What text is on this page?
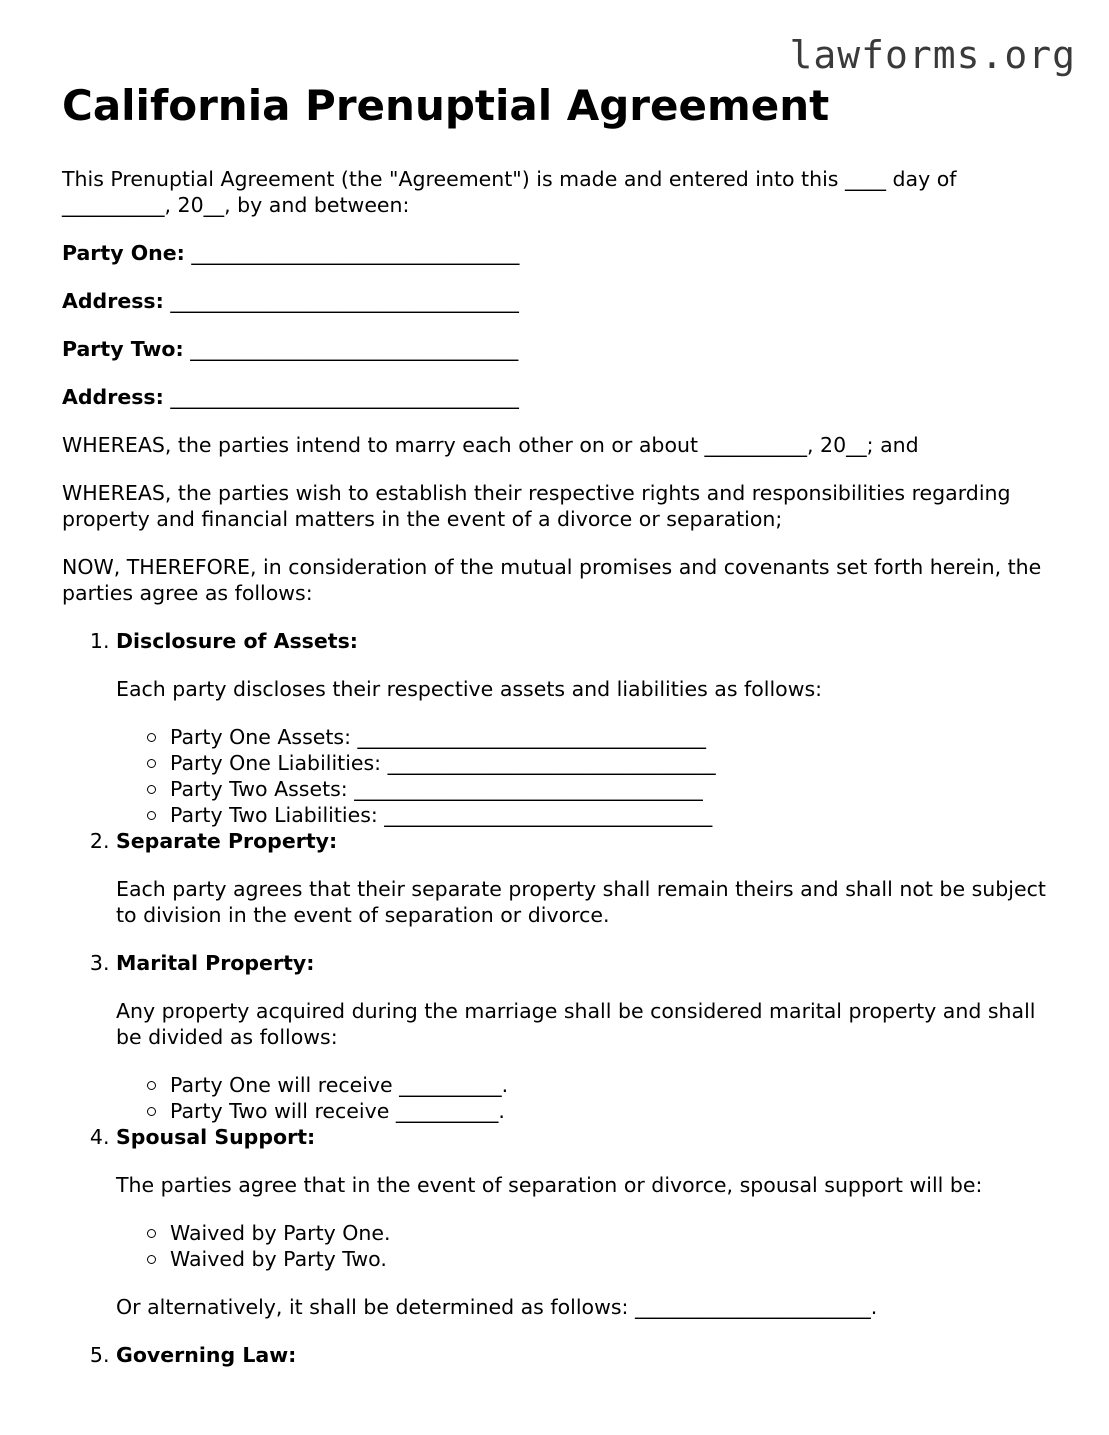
lawforms.org
California Prenuptial Agreement

This Prenuptial Agreement (the "Agreement") is made and entered into this ____ day of __________, 20__, by and between:

Party One: ________________________________
Address: __________________________________
Party Two: ________________________________
Address: __________________________________

WHEREAS, the parties intend to marry each other on or about __________, 20__; and

WHEREAS, the parties wish to establish their respective rights and responsibilities regarding property and financial matters in the event of a divorce or separation;

NOW, THEREFORE, in consideration of the mutual promises and covenants set forth herein, the parties agree as follows:

1. Disclosure of Assets:
Each party discloses their respective assets and liabilities as follows:
Party One Assets: __________________________________
Party One Liabilities: ________________________________
Party Two Assets: __________________________________
Party Two Liabilities: ________________________________
2. Separate Property:
Each party agrees that their separate property shall remain theirs and shall not be subject to division in the event of separation or divorce.
3. Marital Property:
Any property acquired during the marriage shall be considered marital property and shall be divided as follows:
Party One will receive __________.
Party Two will receive __________.
4. Spousal Support:
The parties agree that in the event of separation or divorce, spousal support will be:
Waived by Party One.
Waived by Party Two.
Or alternatively, it shall be determined as follows: _______________________.
5. Governing Law:
